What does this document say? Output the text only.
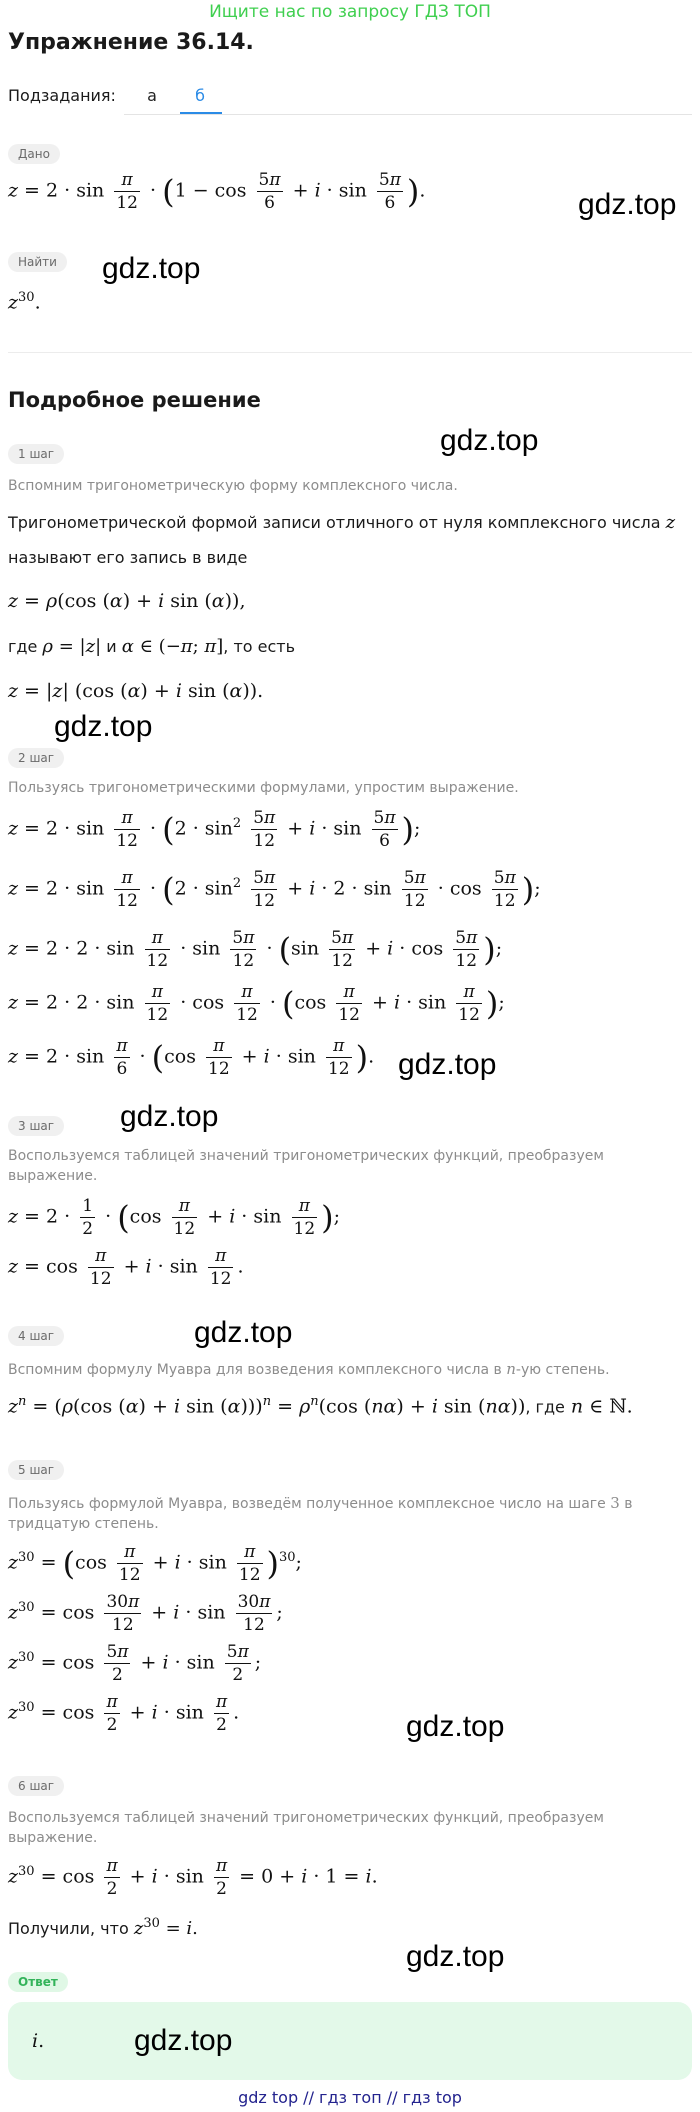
Ищите нас по запросу ГДЗ ТОП
Упражнение 36.14.
Подзадания:	а	б
Дано
$z = 2 \cdot \sin \frac{\pi}{12} \cdot (1 - \cos \frac{5\pi}{6} + i \cdot \sin \frac{5\pi}{6}$ ).	gdz.top
Найти	gdz.top
$z^{30}$.
Подробное решение
1 шаг	gdz.top
Вспомним тригонометрическую форму комплексного числа.
Тригонометрической формой записи отличного от нуля комплексного числа z
называют его запись в виде
z = ρ(cos (α) + i sin (α)),
где ρ = |z| и α ∈ (−π; π], то есть
z = |z| (cos (α) + i sin (α)).
gdz.top
2 шаг
Пользуясь тригонометрическими формулами, упростим выражение.
$z = 2 \cdot \sin \frac{\pi}{12} \cdot (2 \cdot \sin^2 \frac{5\pi}{12} + i \cdot \sin \frac{5\pi}{6}$ );
$z = 2 \cdot \sin \frac{\pi}{12} \cdot (2 \cdot \sin^2 \frac{5\pi}{12} + i \cdot 2 \cdot \sin \frac{5\pi}{12} \cdot \cos \frac{5\pi}{12}$ );
$z = 2 \cdot 2 \cdot \sin \frac{\pi}{12} \cdot \sin \frac{5\pi}{12} \cdot (\sin \frac{5\pi}{12} + i \cdot \cos \frac{5\pi}{12}$ );
$z = 2 \cdot 2 \cdot \sin \frac{\pi}{12} \cdot \cos \frac{\pi}{12} \cdot (\cos \frac{\pi}{12} + i \cdot \sin \frac{\pi}{12}$ );
$z = 2 \cdot \sin \frac{\pi}{6} \cdot (\cos \frac{\pi}{12} + i \cdot \sin \frac{\pi}{12}$ ). gdz.top
3 шаг	gdz.top
Воспользуемся таблицей значений тригонометрических функций, преобразуем
выражение.
$z = 2 \cdot \frac{1}{2} \cdot (\cos \frac{\pi}{12} + i \cdot \sin \frac{\pi}{12}$ );
$z = \cos \frac{\pi}{12} + i \cdot \sin \frac{\pi}{12}$ .
4 шаг	gdz.top
Вспомним формулу Муавра для возведения комплексного числа в n-ую степень.
$z^n = (\rho(\cos$ (α) + i $\sin (\alpha)))^n = \rho^n(\cos$ (nα) + i sin (nα)), где n ∈ ℕ.
5 шаг
Пользуясь формулой Муавра, возведём полученное комплексное число на шаге 3 в
тридцатую степень.
$z^{30} = (\cos \frac{\pi}{12} + i \cdot \sin \frac{\pi}{12} )^{30}$;
$z^{30} = \cos \frac{30\pi}{12} + i \cdot \sin \frac{30\pi}{12}$ ;
$z^{30} = \cos \frac{5\pi}{2} + i \cdot \sin \frac{5\pi}{2}$ ;
$z^{30} = \cos \frac{\pi}{2} + i \cdot \sin \frac{\pi}{2}$ .	gdz.top
6 шаг
Воспользуемся таблицей значений тригонометрических функций, преобразуем
выражение.
$z^{30} = \cos \frac{\pi}{2} + i \cdot \sin \frac{\pi}{2} = 0 + i \cdot 1 = i$.
Получили, что $z^{30} = i$.
gdz.top
Ответ
i.	gdz.top
gdz top // гдз топ // гдз top
